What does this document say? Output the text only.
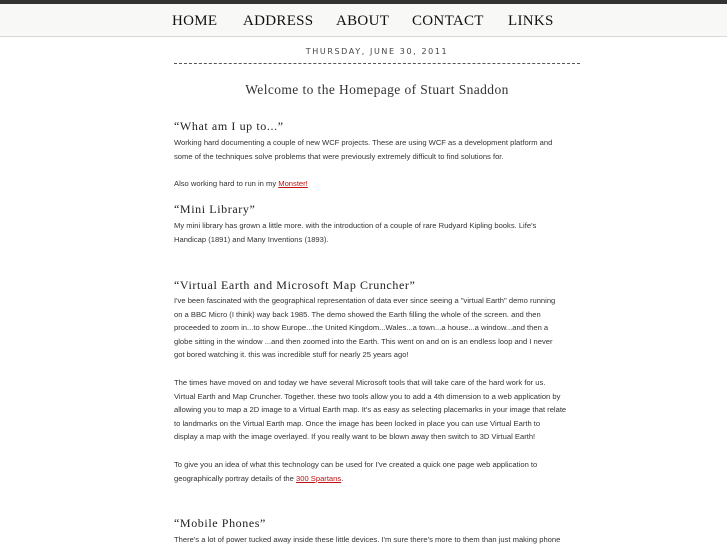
HOME ADDRESS ABOUT CONTACT LINKS
THURSDAY, JUNE 30, 2011
Welcome to the Homepage of Stuart Snaddon
“What am I up to...”

Working hard documenting a couple of new WCF projects. These are using WCF as a development platform and
some of the techniques solve problems that were previously extremely difficult to find solutions for.

Also working hard to run in my Monster!

“Mini Library”

My mini library has grown a little more. with the introduction of a couple of rare Rudyard Kipling books. Life's
Handicap (1891) and Many Inventions (1893).

“Virtual Earth and Microsoft Map Cruncher”

I've been fascinated with the geographical representation of data ever since seeing a "virtual Earth" demo running
on a BBC Micro (I think) way back 1985. The demo showed the Earth filling the whole of the screen. and then
proceeded to zoom in...to show Europe...the United Kingdom...Wales...a town...a house...a window...and then a
globe sitting in the window ...and then zoomed into the Earth. This went on and on is an endless loop and I never
got bored watching it. this was incredible stuff for nearly 25 years ago!

The times have moved on and today we have several Microsoft tools that will take care of the hard work for us.
Virtual Earth and Map Cruncher. Together. these two tools allow you to add a 4th dimension to a web application by
allowing you to map a 2D image to a Virtual Earth map. It's as easy as selecting placemarks in your image that relate
to landmarks on the Virtual Earth map. Once the image has been locked in place you can use Virtual Earth to
display a map with the image overlayed. If you really want to be blown away then switch to 3D Virtual Earth!

To give you an idea of what this technology can be used for I've created a quick one page web application to
geographically portray details of the 300 Spartans.

“Mobile Phones”

There's a lot of power tucked away inside these little devices. I'm sure there's more to them than just making phone
